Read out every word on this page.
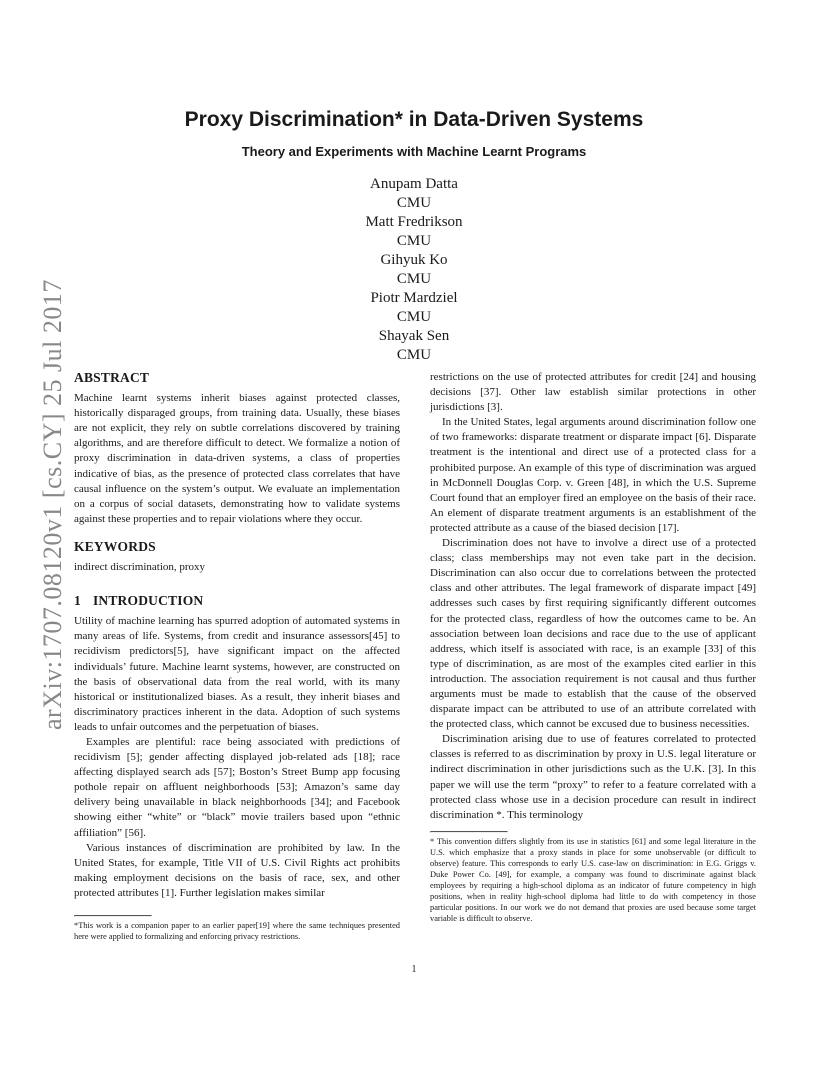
arXiv:1707.08120v1 [cs.CY] 25 Jul 2017
Proxy Discrimination* in Data-Driven Systems
Theory and Experiments with Machine Learnt Programs
Anupam Datta
CMU
Matt Fredrikson
CMU
Gihyuk Ko
CMU
Piotr Mardziel
CMU
Shayak Sen
CMU
ABSTRACT

Machine learnt systems inherit biases against protected classes, historically disparaged groups, from training data. Usually, these biases are not explicit, they rely on subtle correlations discovered by training algorithms, and are therefore difficult to detect. We formalize a notion of proxy discrimination in data-driven systems, a class of properties indicative of bias, as the presence of protected class correlates that have causal influence on the system’s output. We evaluate an implementation on a corpus of social datasets, demonstrating how to validate systems against these properties and to repair violations where they occur.

KEYWORDS

indirect discrimination, proxy

1 INTRODUCTION

Utility of machine learning has spurred adoption of automated systems in many areas of life. Systems, from credit and insurance assessors[45] to recidivism predictors[5], have significant impact on the affected individuals’ future. Machine learnt systems, however, are constructed on the basis of observational data from the real world, with its many historical or institutionalized biases. As a result, they inherit biases and discriminatory practices inherent in the data. Adoption of such systems leads to unfair outcomes and the perpetuation of biases.

Examples are plentiful: race being associated with predictions of recidivism [5]; gender affecting displayed job-related ads [18]; race affecting displayed search ads [57]; Boston’s Street Bump app focusing pothole repair on affluent neighborhoods [53]; Amazon’s same day delivery being unavailable in black neighborhoods [34]; and Facebook showing either “white” or “black” movie trailers based upon “ethnic affiliation” [56].

Various instances of discrimination are prohibited by law. In the United States, for example, Title VII of U.S. Civil Rights act prohibits making employment decisions on the basis of race, sex, and other protected attributes [1]. Further legislation makes similar

*This work is a companion paper to an earlier paper[19] where the same techniques presented here were applied to formalizing and enforcing privacy restrictions.

restrictions on the use of protected attributes for credit [24] and housing decisions [37]. Other law establish similar protections in other jurisdictions [3].

In the United States, legal arguments around discrimination follow one of two frameworks: disparate treatment or disparate impact [6]. Disparate treatment is the intentional and direct use of a protected class for a prohibited purpose. An example of this type of discrimination was argued in McDonnell Douglas Corp. v. Green [48], in which the U.S. Supreme Court found that an employer fired an employee on the basis of their race. An element of disparate treatment arguments is an establishment of the protected attribute as a cause of the biased decision [17].

Discrimination does not have to involve a direct use of a protected class; class memberships may not even take part in the decision. Discrimination can also occur due to correlations between the protected class and other attributes. The legal framework of disparate impact [49] addresses such cases by first requiring significantly different outcomes for the protected class, regardless of how the outcomes came to be. An association between loan decisions and race due to the use of applicant address, which itself is associated with race, is an example [33] of this type of discrimination, as are most of the examples cited earlier in this introduction. The association requirement is not causal and thus further arguments must be made to establish that the cause of the observed disparate impact can be attributed to use of an attribute correlated with the protected class, which cannot be excused due to business necessities.

Discrimination arising due to use of features correlated to protected classes is referred to as discrimination by proxy in U.S. legal literature or indirect discrimination in other jurisdictions such as the U.K. [3]. In this paper we will use the term “proxy” to refer to a feature correlated with a protected class whose use in a decision procedure can result in indirect discrimination *. This terminology

* This convention differs slightly from its use in statistics [61] and some legal literature in the U.S. which emphasize that a proxy stands in place for some unobservable (or difficult to observe) feature. This corresponds to early U.S. case-law on discrimination: in E.G. Griggs v. Duke Power Co. [49], for example, a company was found to discriminate against black employees by requiring a high-school diploma as an indicator of future competency in high positions, when in reality high-school diploma had little to do with competency in those particular positions. In our work we do not demand that proxies are used because some target variable is difficult to observe.

1
